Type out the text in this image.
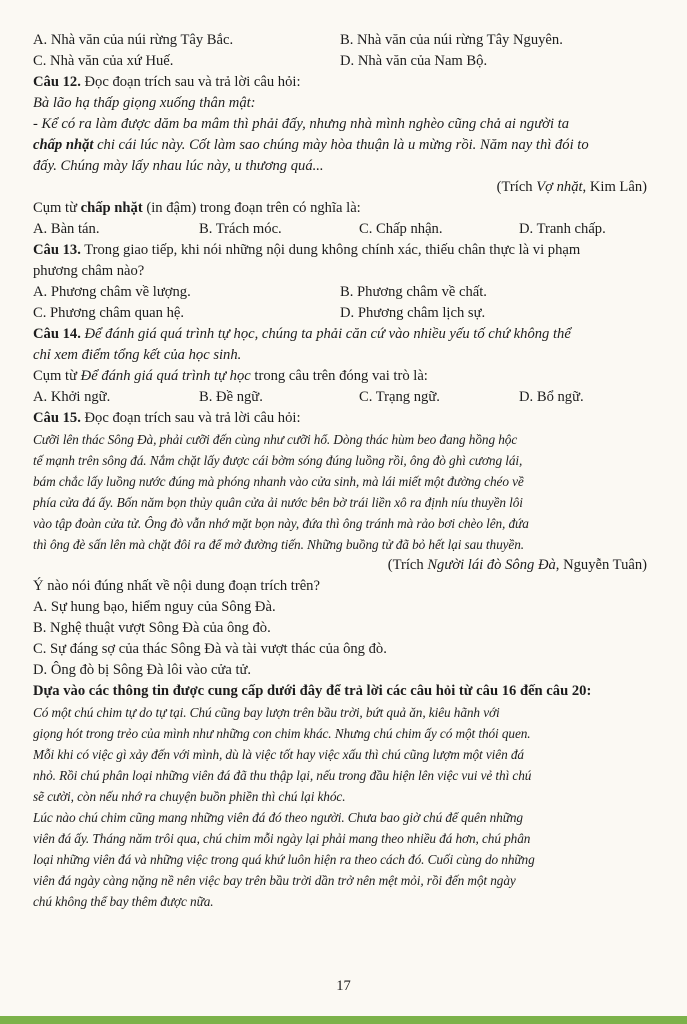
A. Nhà văn của núi rừng Tây Bắc.	B. Nhà văn của núi rừng Tây Nguyên.
C. Nhà văn của xứ Huế.	D. Nhà văn của Nam Bộ.
Câu 12. Đọc đoạn trích sau và trả lời câu hỏi:
Bà lão hạ thấp giọng xuống thân mật:
- Kể có ra làm được dăm ba mâm thì phải đấy, nhưng nhà mình nghèo cũng chả ai người ta
chấp nhặt chi cái lúc này. Cốt làm sao chúng mày hòa thuận là u mừng rồi. Năm nay thì đói to
đấy. Chúng mày lấy nhau lúc này, u thương quá...
(Trích Vợ nhặt, Kim Lân)
Cụm từ chấp nhặt (in đậm) trong đoạn trên có nghĩa là:
A. Bàn tán.	B. Trách móc.	C. Chấp nhận.	D. Tranh chấp.
Câu 13. Trong giao tiếp, khi nói những nội dung không chính xác, thiếu chân thực là vi phạm
phương châm nào?
A. Phương châm về lượng.	B. Phương châm về chất.
C. Phương châm quan hệ.	D. Phương châm lịch sự.
Câu 14. Để đánh giá quá trình tự học, chúng ta phải căn cứ vào nhiều yếu tố chứ không thể
chỉ xem điểm tổng kết của học sinh.
Cụm từ Để đánh giá quá trình tự học trong câu trên đóng vai trò là:
A. Khởi ngữ.	B. Đề ngữ.	C. Trạng ngữ.	D. Bổ ngữ.
Câu 15. Đọc đoạn trích sau và trả lời câu hỏi:
Cưỡi lên thác Sông Đà, phải cưỡi đến cùng như cưỡi hổ. Dòng thác hùm beo đang hồng hộc
tế mạnh trên sông đá. Nắm chặt lấy được cái bờm sóng đúng luồng rồi, ông đò ghì cương lái,
bám chắc lấy luồng nước đúng mà phóng nhanh vào cửa sinh, mà lái miết một đường chéo về
phía cửa đá ấy. Bốn năm bọn thủy quân cửa ải nước bên bờ trái liền xô ra định níu thuyền lôi
vào tập đoàn cửa tử. Ông đò vẫn nhớ mặt bọn này, đứa thì ông tránh mà rảo bơi chèo lên, đứa
thì ông đè sấn lên mà chặt đôi ra để mở đường tiến. Những buồng tử đã bỏ hết lại sau thuyền.
(Trích Người lái đò Sông Đà, Nguyễn Tuân)
Ý nào nói đúng nhất về nội dung đoạn trích trên?
A. Sự hung bạo, hiểm nguy của Sông Đà.
B. Nghệ thuật vượt Sông Đà của ông đò.
C. Sự đáng sợ của thác Sông Đà và tài vượt thác của ông đò.
D. Ông đò bị Sông Đà lôi vào cửa tử.
Dựa vào các thông tin được cung cấp dưới đây để trả lời các câu hỏi từ câu 16 đến câu 20:
Có một chú chim tự do tự tại. Chú cũng bay lượn trên bầu trời, bứt quả ăn, kiêu hãnh với
giọng hót trong trẻo của mình như những con chim khác. Nhưng chú chim ấy có một thói quen.
Mỗi khi có việc gì xảy đến với mình, dù là việc tốt hay việc xấu thì chú cũng lượm một viên đá
nhỏ. Rồi chú phân loại những viên đá đã thu thập lại, nếu trong đầu hiện lên việc vui vẻ thì chú
sẽ cười, còn nếu nhớ ra chuyện buồn phiền thì chú lại khóc.
Lúc nào chú chim cũng mang những viên đá đó theo người. Chưa bao giờ chú để quên những
viên đá ấy. Tháng năm trôi qua, chú chim mỗi ngày lại phải mang theo nhiều đá hơn, chú phân
loại những viên đá và những việc trong quá khứ luôn hiện ra theo cách đó. Cuối cùng do những
viên đá ngày càng nặng nề nên việc bay trên bầu trời dần trở nên mệt mỏi, rồi đến một ngày
chú không thể bay thêm được nữa.
17
